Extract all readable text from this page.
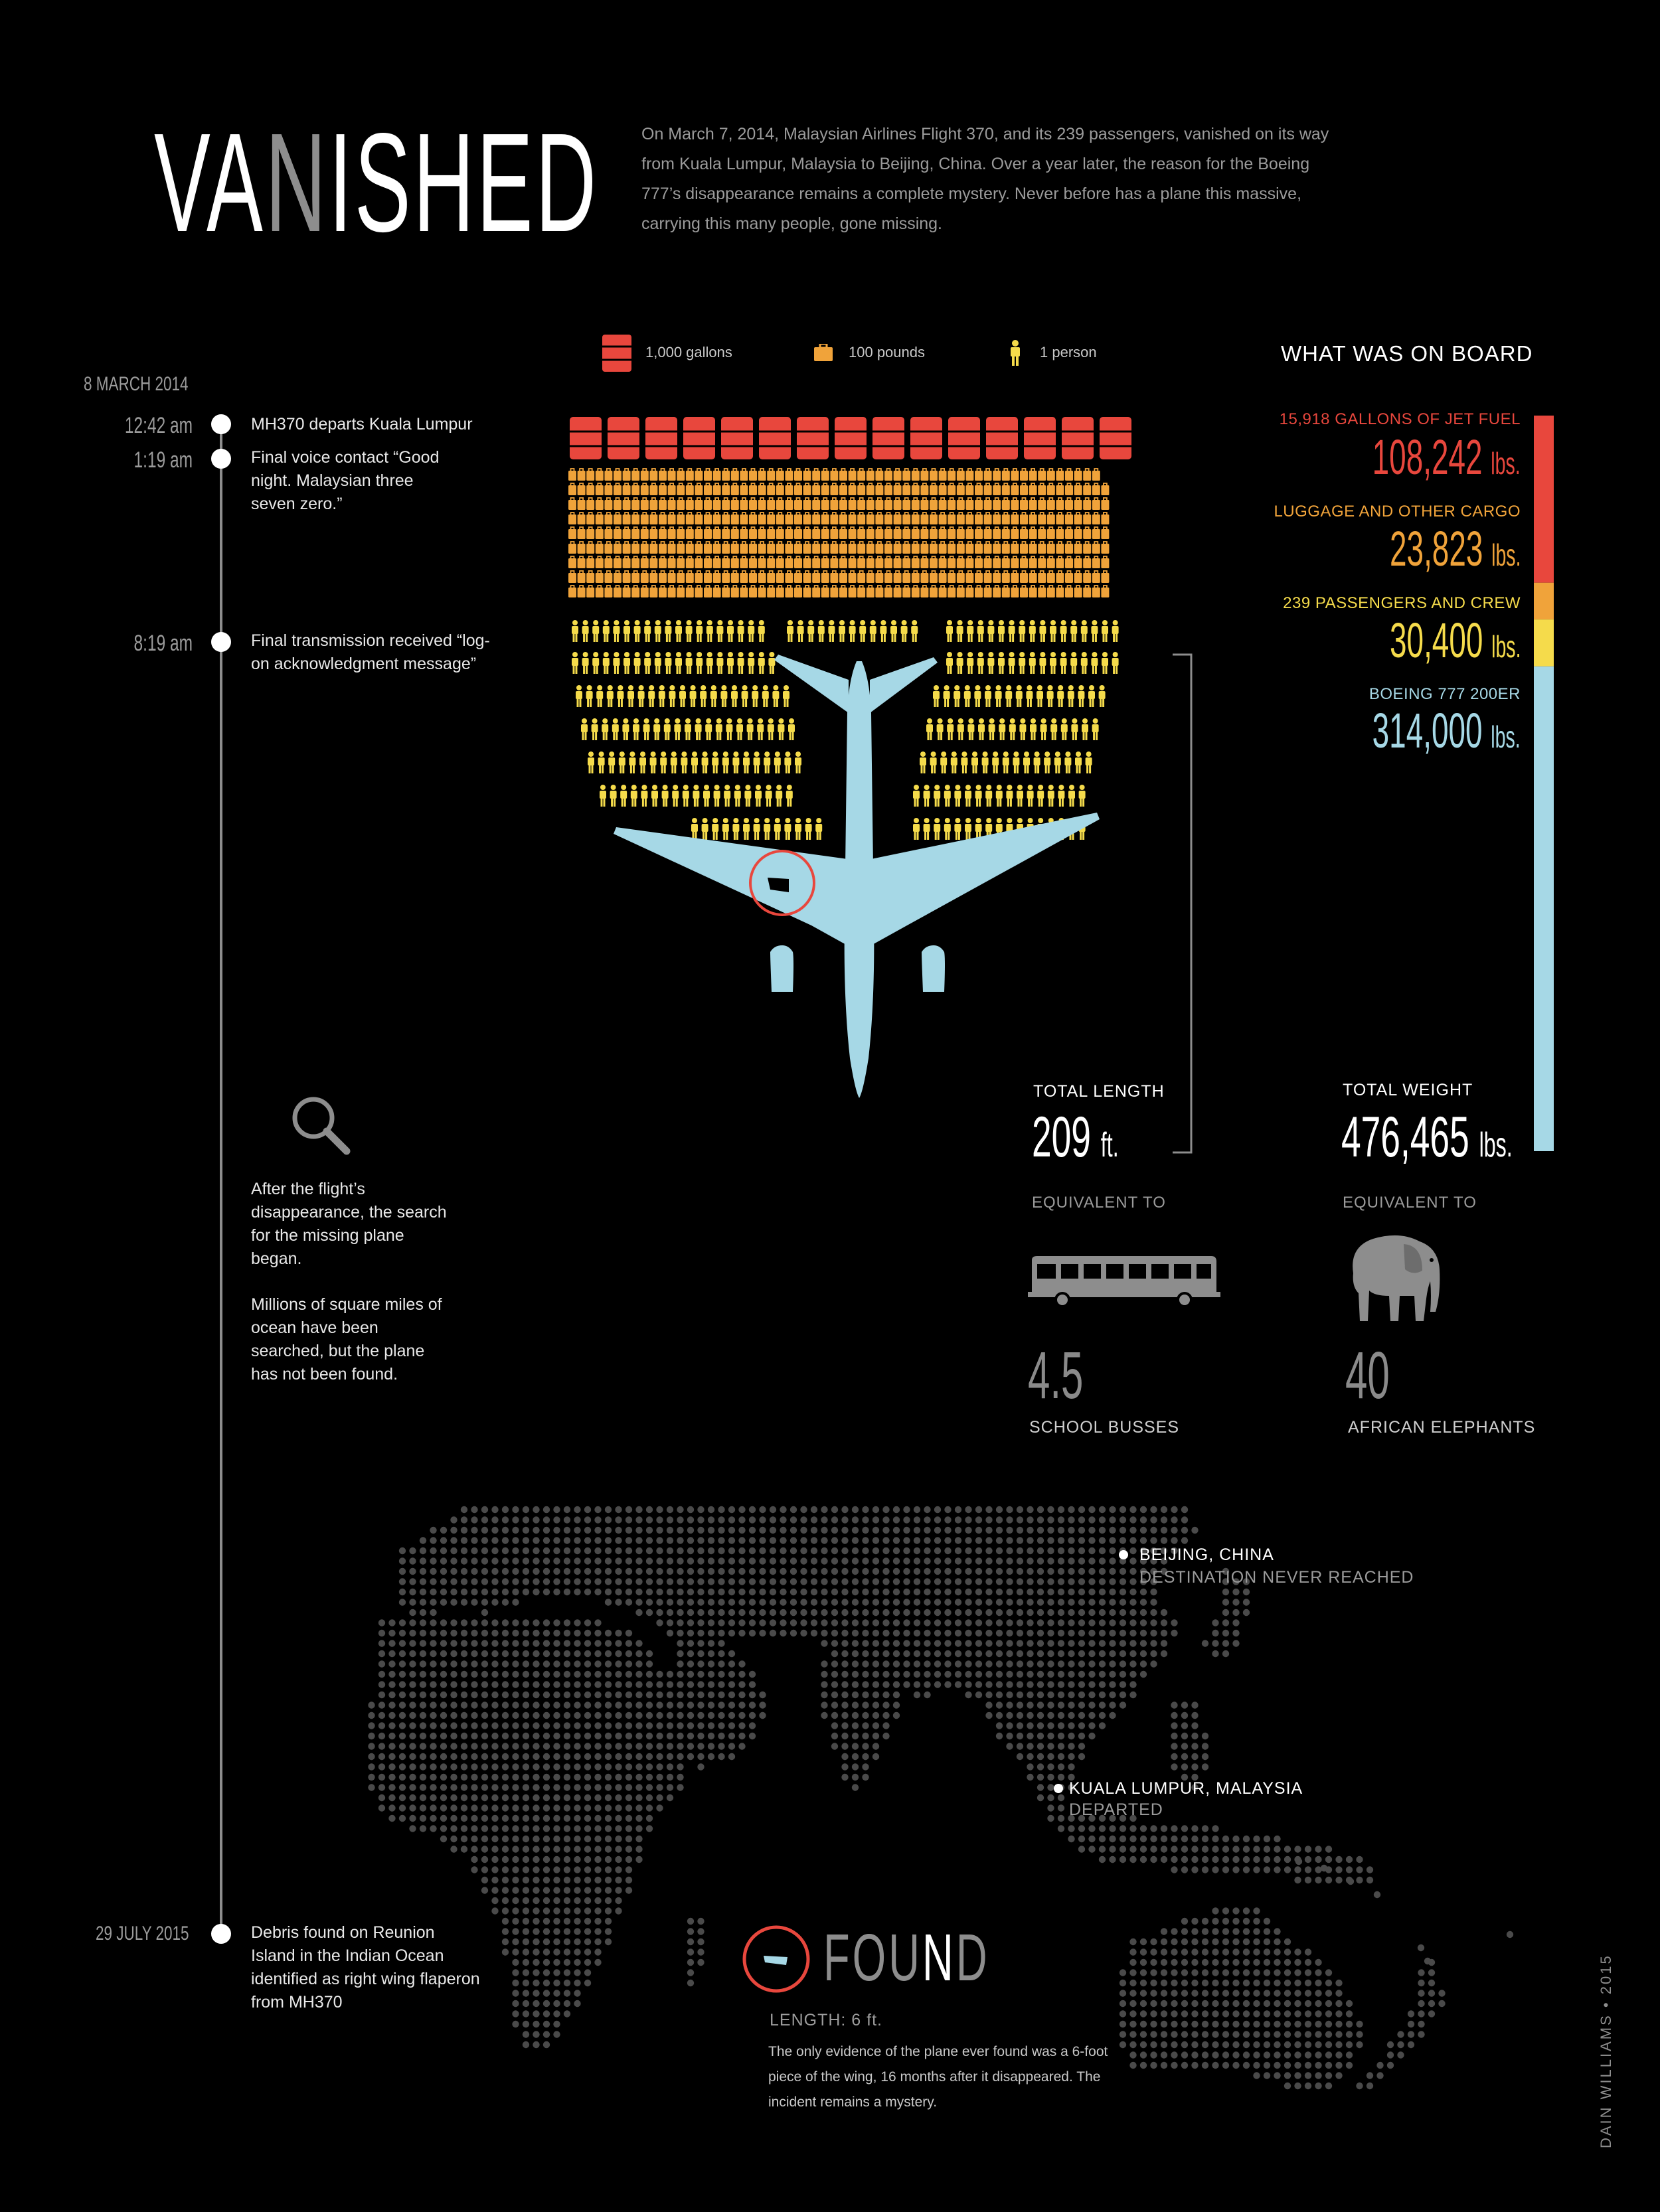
VANISHED	On March 7, 2014, Malaysian Airlines Flight 370, and its 239 passengers, vanished on its way from Kuala Lumpur, Malaysia to Beijing, China. Over a year later, the reason for the Boeing 777’s disappearance remains a complete mystery. Never before has a plane this massive, carrying this many people, gone missing.
1,000 gallons	100 pounds	1 person	WHAT WAS ON BOARD
15,918 GALLONS OF JET FUEL
108,242 lbs.
LUGGAGE AND OTHER CARGO
23,823 lbs.
239 PASSENGERS AND CREW
30,400 lbs.
BOEING 777 200ER
314,000 lbs.
8 MARCH 2014
12:42 am	MH370 departs Kuala Lumpur
1:19 am	Final voice contact “Good night. Malaysian three seven zero.”
8:19 am	Final transmission received “log-on acknowledgment message”
After the flight’s disappearance, the search for the missing plane began.
Millions of square miles of ocean have been searched, but the plane has not been found.
29 JULY 2015	Debris found on Reunion Island in the Indian Ocean identified as right wing flaperon from MH370
TOTAL LENGTH
209 ft.
TOTAL WEIGHT
476,465 lbs.
EQUIVALENT TO	EQUIVALENT TO
4.5
SCHOOL BUSSES
40
AFRICAN ELEPHANTS
BEIJING, CHINA
DESTINATION NEVER REACHED
KUALA LUMPUR, MALAYSIA
DEPARTED
FOUND
LENGTH: 6 ft.
The only evidence of the plane ever found was a 6-foot piece of the wing, 16 months after it disappeared. The incident remains a mystery.	DAIN WILLIAMS • 2015
